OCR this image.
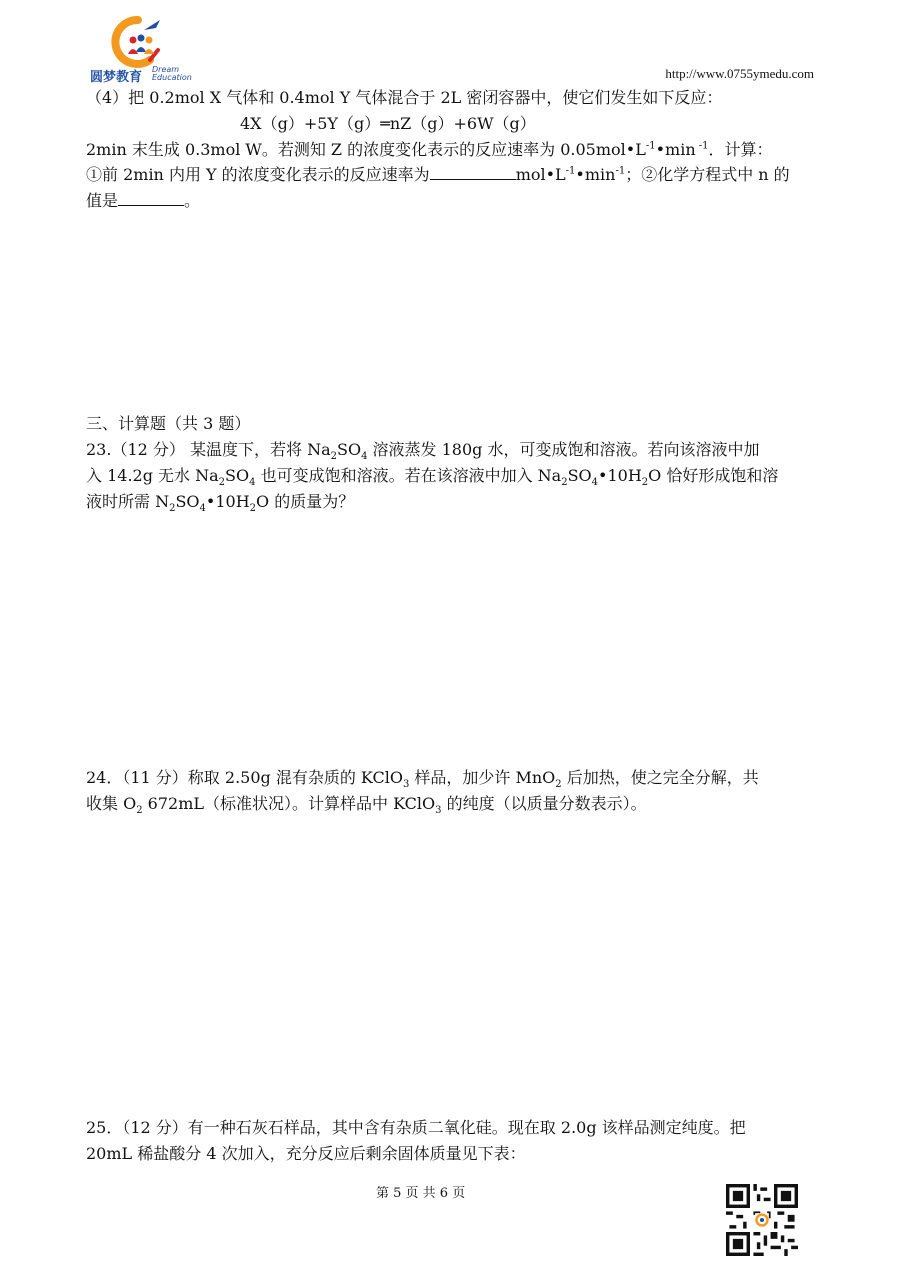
圆梦教育
Dream
Education	http://www.0755ymedu.com
（4）把 0.2mol X 气体和 0.4mol Y 气体混合于 2L 密闭容器中，使它们发生如下反应：
4X（g）+5Y（g）═nZ（g）+6W（g）
2min 末生成 0.3mol W。若测知 Z 的浓度变化表示的反应速率为 $0.05mol•L^{-1}•\min$ $^{-1}$．计算：
①前 2min 内用 Y 的浓度变化表示的反应速率为	$mol•L^{-1}•\min^{-1}$；②化学方程式中 n 的
值是	。
三、计算题（共 3 题）
23.（12 分） 某温度下，若将 $Na_2SO_4$ 溶液蒸发 180g 水，可变成饱和溶液。若向该溶液中加
入 14.2g 无水 $Na_2SO_4$ 也可变成饱和溶液。若在该溶液中加入 $Na_2SO_4•10H_2O$ 恰好形成饱和溶
液时所需 $N_2SO_4•10H_2O$ 的质量为？
24．（11 分）称取 2.50g 混有杂质的 KClO$_3$ 样品，加少许 MnO$_2$ 后加热，使之完全分解，共
收集 $O_2$ 672mL（标准状况）。计算样品中 KClO$_3$ 的纯度（以质量分数表示）。
25．（12 分）有一种石灰石样品，其中含有杂质二氧化硅。现在取 2.0g 该样品测定纯度。把
20mL 稀盐酸分 4 次加入，充分反应后剩余固体质量见下表：
第 5 页 共 6 页
